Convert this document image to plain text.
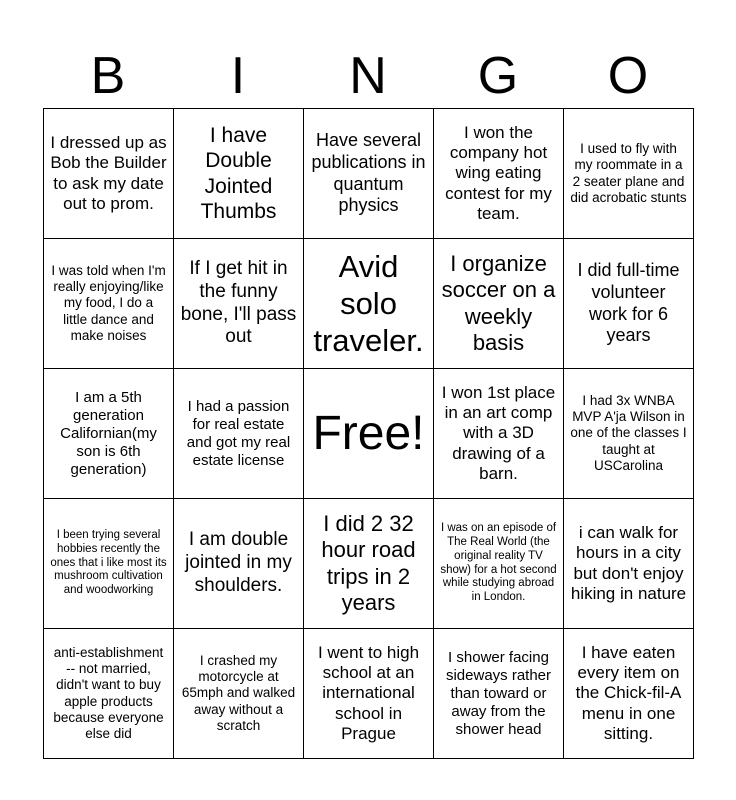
B	I	N	G	O
I dressed up as Bob the Builder to ask my date out to prom.	I have Double Jointed Thumbs	Have several publications in quantum physics	I won the company hot wing eating contest for my team.	I used to fly with my roommate in a 2 seater plane and did acrobatic stunts
I was told when I'm really enjoying/like my food, I do a little dance and make noises	If I get hit in the funny bone, I'll pass out	Avid solo traveler.	I organize soccer on a weekly basis	I did full-time volunteer work for 6 years
I am a 5th generation Californian(my son is 6th generation)	I had a passion for real estate and got my real estate license	Free!	I won 1st place in an art comp with a 3D drawing of a barn.	I had 3x WNBA MVP A'ja Wilson in one of the classes I taught at USCarolina
I been trying several hobbies recently the ones that i like most its mushroom cultivation and woodworking	I am double jointed in my shoulders.	I did 2 32 hour road trips in 2 years	I was on an episode of The Real World (the original reality TV show) for a hot second while studying abroad in London.	i can walk for hours in a city but don't enjoy hiking in nature
anti-establishment -- not married, didn't want to buy apple products because everyone else did	I crashed my motorcycle at 65mph and walked away without a scratch	I went to high school at an international school in Prague	I shower facing sideways rather than toward or away from the shower head	I have eaten every item on the Chick-fil-A menu in one sitting.
